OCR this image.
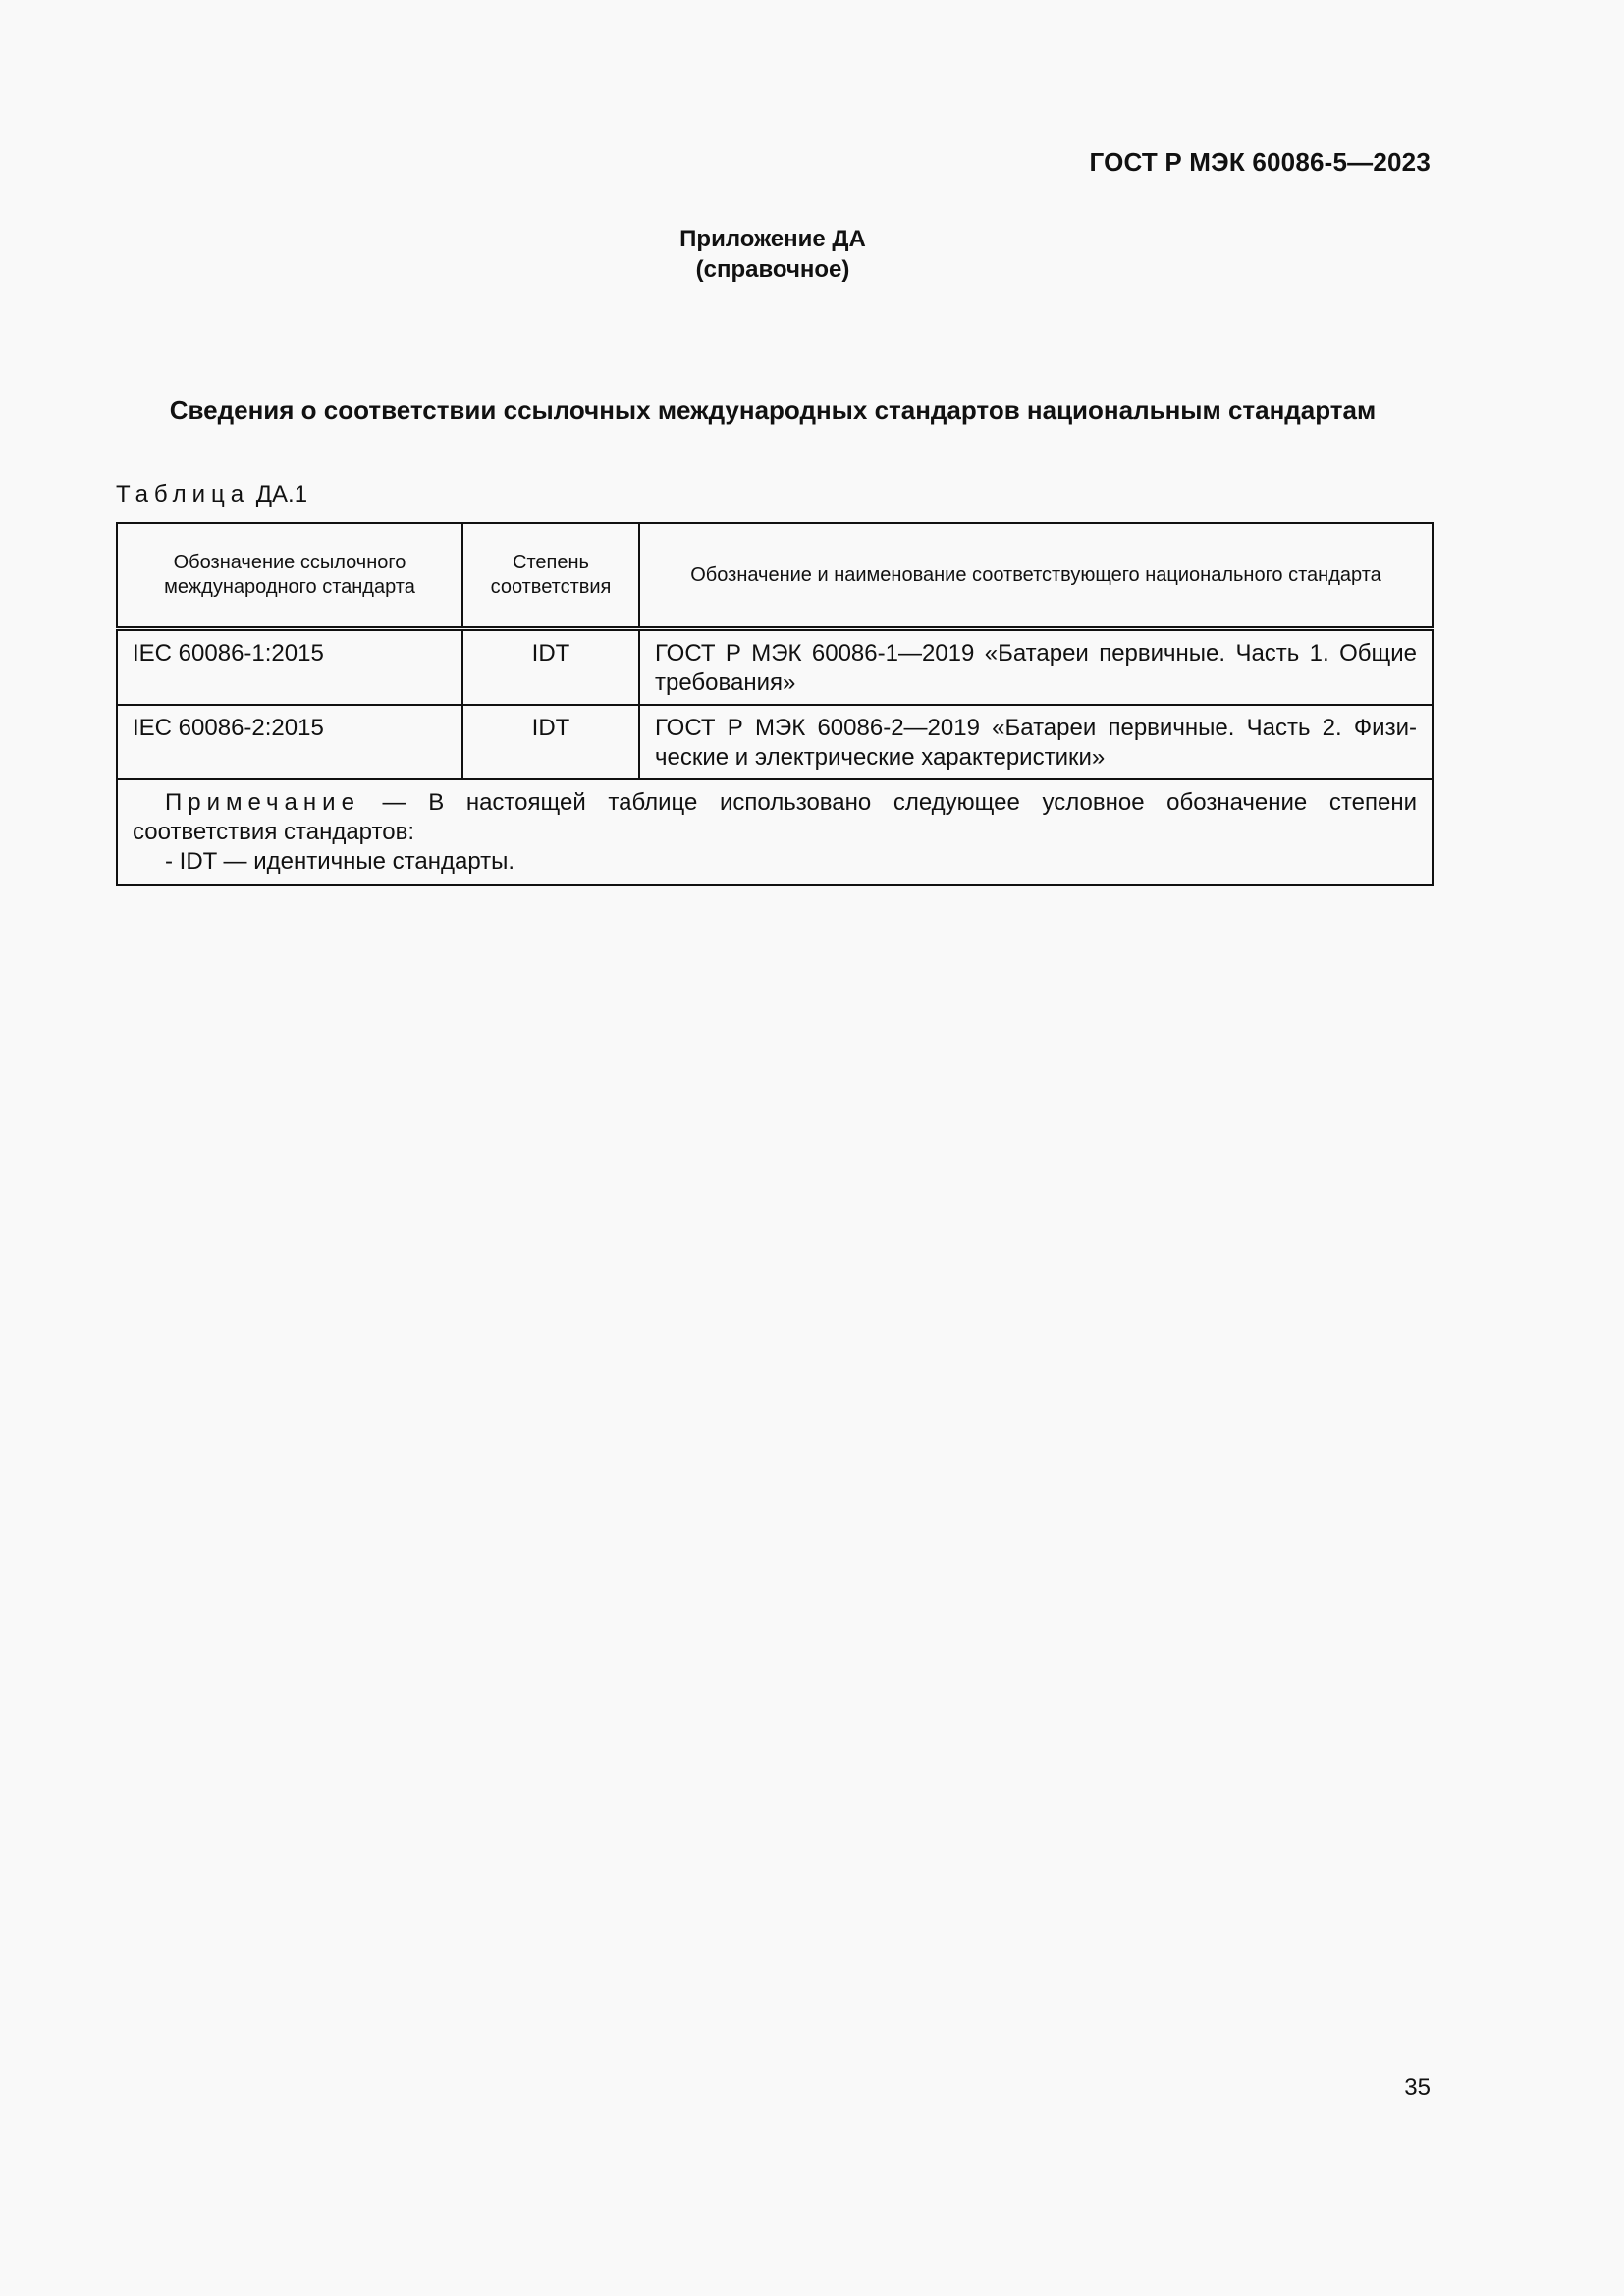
ГОСТ Р МЭК 60086-5—2023
Приложение ДА
(справочное)
Сведения о соответствии ссылочных международных стандартов национальным стандартам
Таблица ДА.1
Обозначение ссылочного международного стандарта	Степень соответствия	Обозначение и наименование соответствующего национального стандарта
IEC 60086-1:2015	IDT	ГОСТ Р МЭК 60086-1—2019 «Батареи первичные. Часть 1. Общие требования»
IEC 60086-2:2015	IDT	ГОСТ Р МЭК 60086-2—2019 «Батареи первичные. Часть 2. Физические и электрические характеристики»

Примечание — В настоящей таблице использовано следующее условное обозначение степени соответствия стандартов:
- IDT — идентичные стандарты.		
35
